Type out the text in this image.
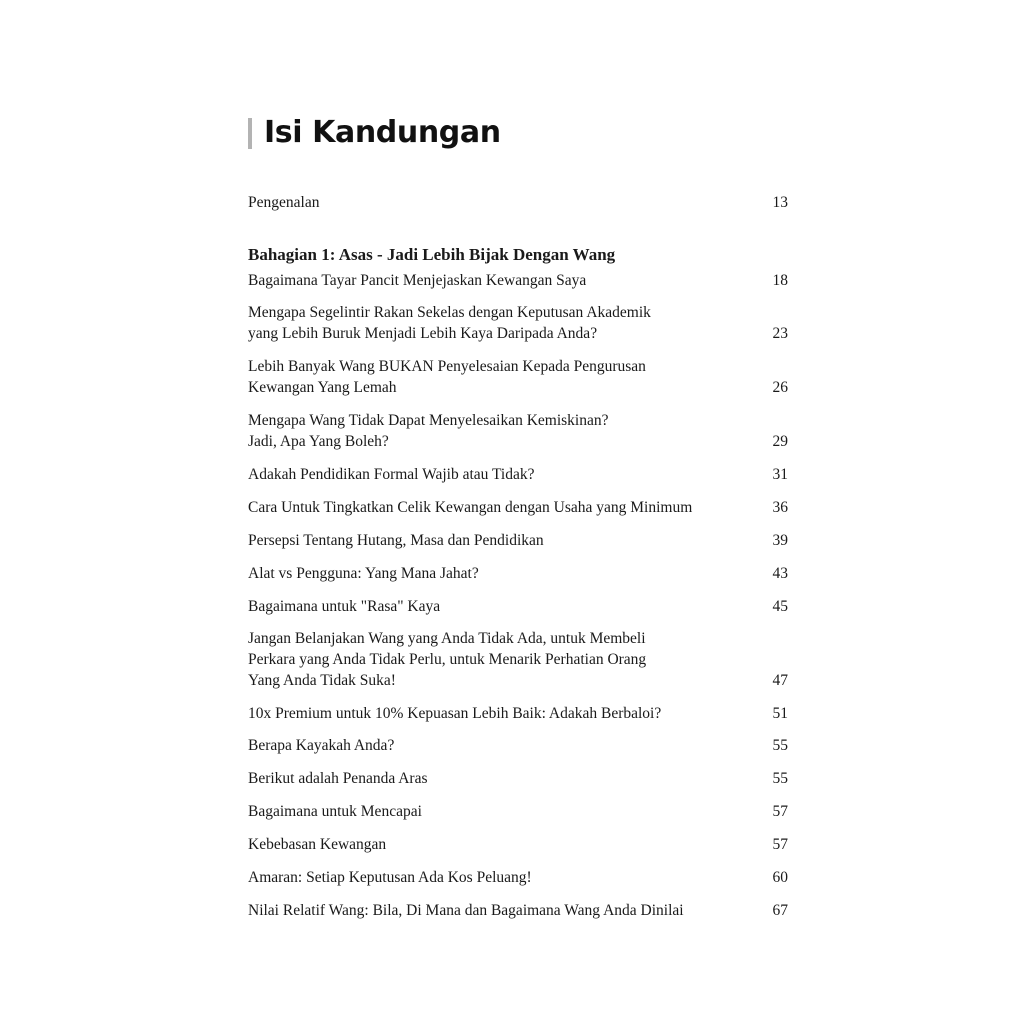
Isi Kandungan
Pengenalan	13
Bahagian 1: Asas - Jadi Lebih Bijak Dengan Wang
Bagaimana Tayar Pancit Menjejaskan Kewangan Saya	18
Mengapa Segelintir Rakan Sekelas dengan Keputusan Akademik
yang Lebih Buruk Menjadi Lebih Kaya Daripada Anda?	23
Lebih Banyak Wang BUKAN Penyelesaian Kepada Pengurusan
Kewangan Yang Lemah	26
Mengapa Wang Tidak Dapat Menyelesaikan Kemiskinan?
Jadi, Apa Yang Boleh?	29
Adakah Pendidikan Formal Wajib atau Tidak?	31
Cara Untuk Tingkatkan Celik Kewangan dengan Usaha yang Minimum	36
Persepsi Tentang Hutang, Masa dan Pendidikan	39
Alat vs Pengguna: Yang Mana Jahat?	43
Bagaimana untuk "Rasa" Kaya	45
Jangan Belanjakan Wang yang Anda Tidak Ada, untuk Membeli
Perkara yang Anda Tidak Perlu, untuk Menarik Perhatian Orang
Yang Anda Tidak Suka!	47
10x Premium untuk 10% Kepuasan Lebih Baik: Adakah Berbaloi?	51
Berapa Kayakah Anda?	55
Berikut adalah Penanda Aras	55
Bagaimana untuk Mencapai	57
Kebebasan Kewangan	57
Amaran: Setiap Keputusan Ada Kos Peluang!	60
Nilai Relatif Wang: Bila, Di Mana dan Bagaimana Wang Anda Dinilai	67
